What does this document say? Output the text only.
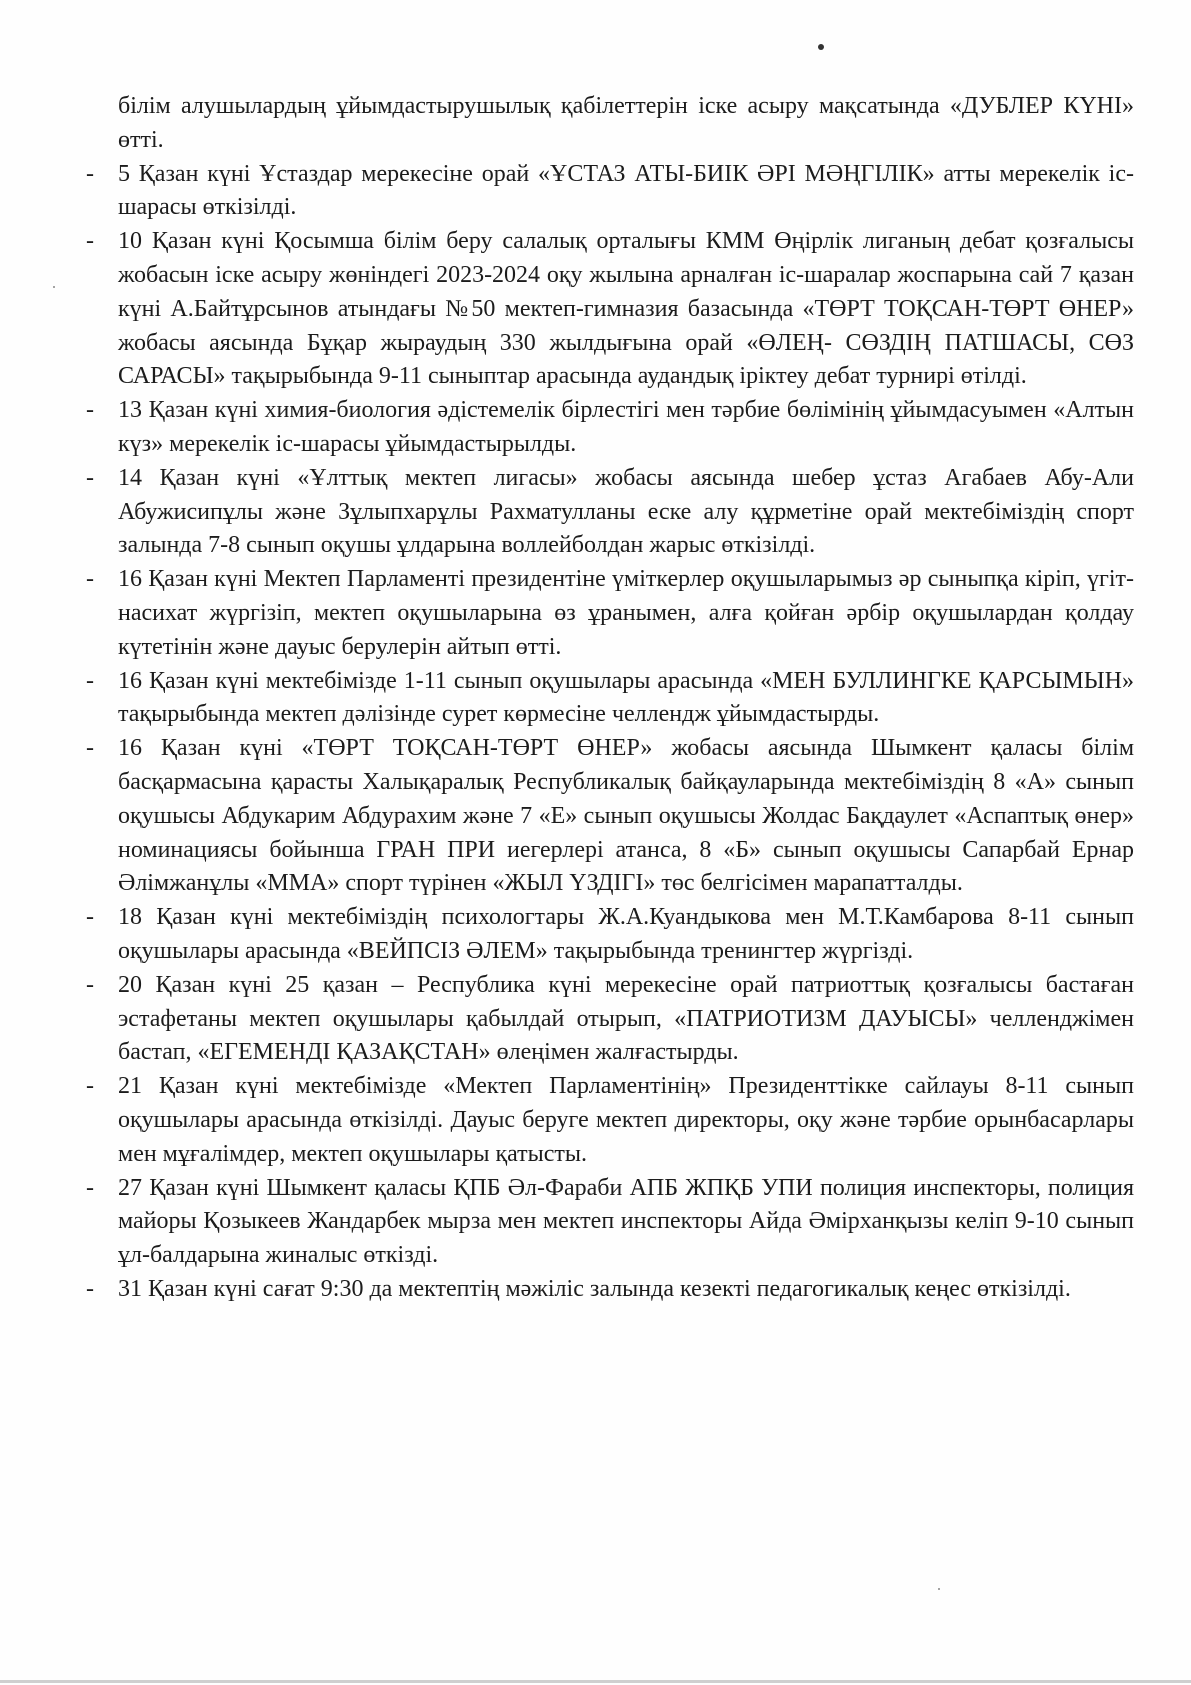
білім алушылардың ұйымдастырушылық қабілеттерін іске асыру мақсатында «ДУБЛЕР КҮНІ» өтті.

- 5 Қазан күні Ұстаздар мерекесіне орай «ҰСТАЗ АТЫ-БИІК ӘРІ МӘҢГІЛІК» атты мерекелік іс-шарасы өткізілді.

- 10 Қазан күні Қосымша білім беру салалық орталығы КММ Өңірлік лиганың дебат қозғалысы жобасын іске асыру жөніндегі 2023-2024 оқу жылына арналған іс-шаралар жоспарына сай 7 қазан күні А.Байтұрсынов атындағы №50 мектеп-гимназия базасында «ТӨРТ ТОҚСАН-ТӨРТ ӨНЕР» жобасы аясында Бұқар жыраудың 330 жылдығына орай «ӨЛЕҢ- СӨЗДІҢ ПАТШАСЫ, СӨЗ САРАСЫ» тақырыбында 9-11 сыныптар арасында аудандық іріктеу дебат турнирі өтілді.

- 13 Қазан күні химия-биология әдістемелік бірлестігі мен тәрбие бөлімінің ұйымдасуымен «Алтын күз» мерекелік іс-шарасы ұйымдастырылды.

- 14 Қазан күні «Ұлттық мектеп лигасы» жобасы аясында шебер ұстаз Агабаев Абу-Али Абужисипұлы және Зұлыпхарұлы Рахматулланы еске алу құрметіне орай мектебіміздің спорт залында 7-8 сынып оқушы ұлдарына воллейболдан жарыс өткізілді.

- 16 Қазан күні Мектеп Парламенті президентіне үміткерлер оқушыларымыз әр сыныпқа кіріп, үгіт-насихат жүргізіп, мектеп оқушыларына өз ұранымен, алға қойған әрбір оқушылардан қолдау күтетінін және дауыс берулерін айтып өтті.

- 16 Қазан күні мектебімізде 1-11 сынып оқушылары арасында «МЕН БУЛЛИНГКЕ ҚАРСЫМЫН» тақырыбында мектеп дәлізінде сурет көрмесіне челлендж ұйымдастырды.

- 16 Қазан күні «ТӨРТ ТОҚСАН-ТӨРТ ӨНЕР» жобасы аясында Шымкент қаласы білім басқармасына қарасты Халықаралық Республикалық байқауларында мектебіміздің 8 «А» сынып оқушысы Абдукарим Абдурахим және 7 «Е» сынып оқушысы Жолдас Бақдаулет «Аспаптық өнер» номинациясы бойынша ГРАН ПРИ иегерлері атанса, 8 «Б» сынып оқушысы Сапарбай Ернар Әлімжанұлы «ММА» спорт түрінен «ЖЫЛ ҮЗДІГІ» төс белгісімен марапатталды.

- 18 Қазан күні мектебіміздің психологтары Ж.А.Куандыкова мен М.Т.Камбарова 8-11 сынып оқушылары арасында «ВЕЙПСІЗ ӘЛЕМ» тақырыбында тренингтер жүргізді.

- 20 Қазан күні 25 қазан – Республика күні мерекесіне орай патриоттық қозғалысы бастаған эстафетаны мектеп оқушылары қабылдай отырып, «ПАТРИОТИЗМ ДАУЫСЫ» челленджімен бастап, «ЕГЕМЕНДІ ҚАЗАҚСТАН» өлеңімен жалғастырды.

- 21 Қазан күні мектебімізде «Мектеп Парламентінің» Президенттікке сайлауы 8-11 сынып оқушылары арасында өткізілді. Дауыс беруге мектеп директоры, оқу және тәрбие орынбасарлары мен мұғалімдер, мектеп оқушылары қатысты.

- 27 Қазан күні Шымкент қаласы ҚПБ Әл-Фараби АПБ ЖПҚБ УПИ полиция инспекторы, полиция майоры Қозыкеев Жандарбек мырза мен мектеп инспекторы Айда Әмірханқызы келіп 9-10 сынып ұл-балдарына жиналыс өткізді.

- 31 Қазан күні сағат 9:30 да мектептің мәжіліс залында кезекті педагогикалық кеңес өткізілді.
